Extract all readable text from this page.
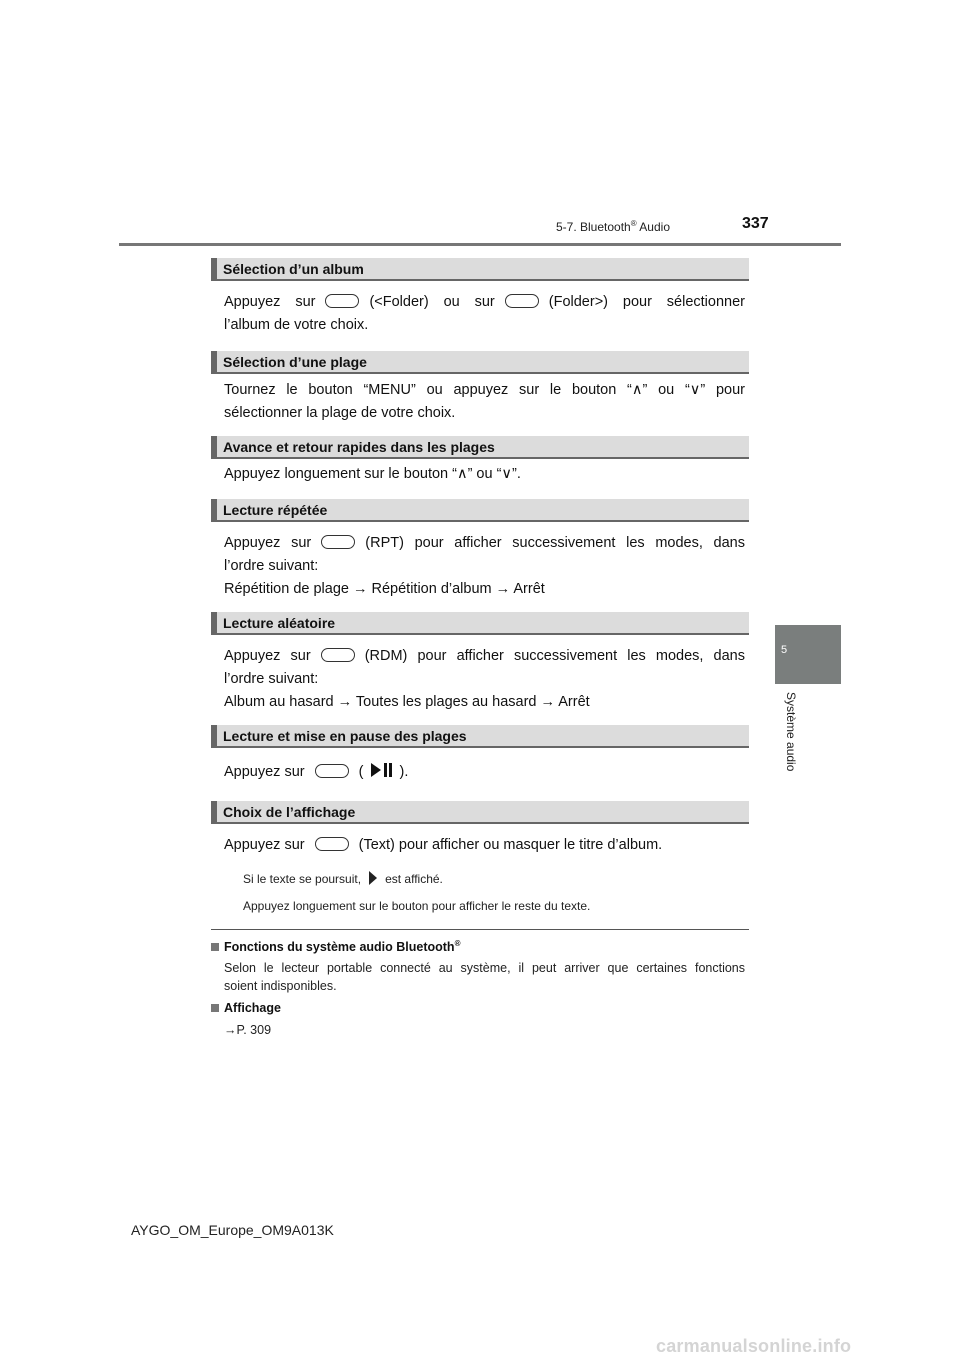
5-7. Bluetooth® Audio	337
5
Système audio
Sélection d’un album
Appuyez sur	(<Folder) ou sur	(Folder>) pour sélectionner
l’album de votre choix.
Sélection d’une plage
Tournez le bouton “MENU” ou appuyez sur le bouton “∧” ou “∨” pour
sélectionner la plage de votre choix.
Avance et retour rapides dans les plages
Appuyez longuement sur le bouton “∧” ou “∨”.
Lecture répétée
Appuyez sur	(RPT) pour afficher successivement les modes, dans
l’ordre suivant:
Répétition de plage → Répétition d’album → Arrêt
Lecture aléatoire
Appuyez sur	(RDM) pour afficher successivement les modes, dans
l’ordre suivant:
Album au hasard → Toutes les plages au hasard → Arrêt
Lecture et mise en pause des plages
Appuyez sur	( ).
Choix de l’affichage
Appuyez sur	(Text) pour afficher ou masquer le titre d’album.
Si le texte se poursuit, est affiché.
Appuyez longuement sur le bouton pour afficher le reste du texte.
Fonctions du système audio Bluetooth®
Selon le lecteur portable connecté au système, il peut arriver que certaines fonctions
soient indisponibles.
Affichage
→P. 309
AYGO_OM_Europe_OM9A013K
carmanualsonline.info
